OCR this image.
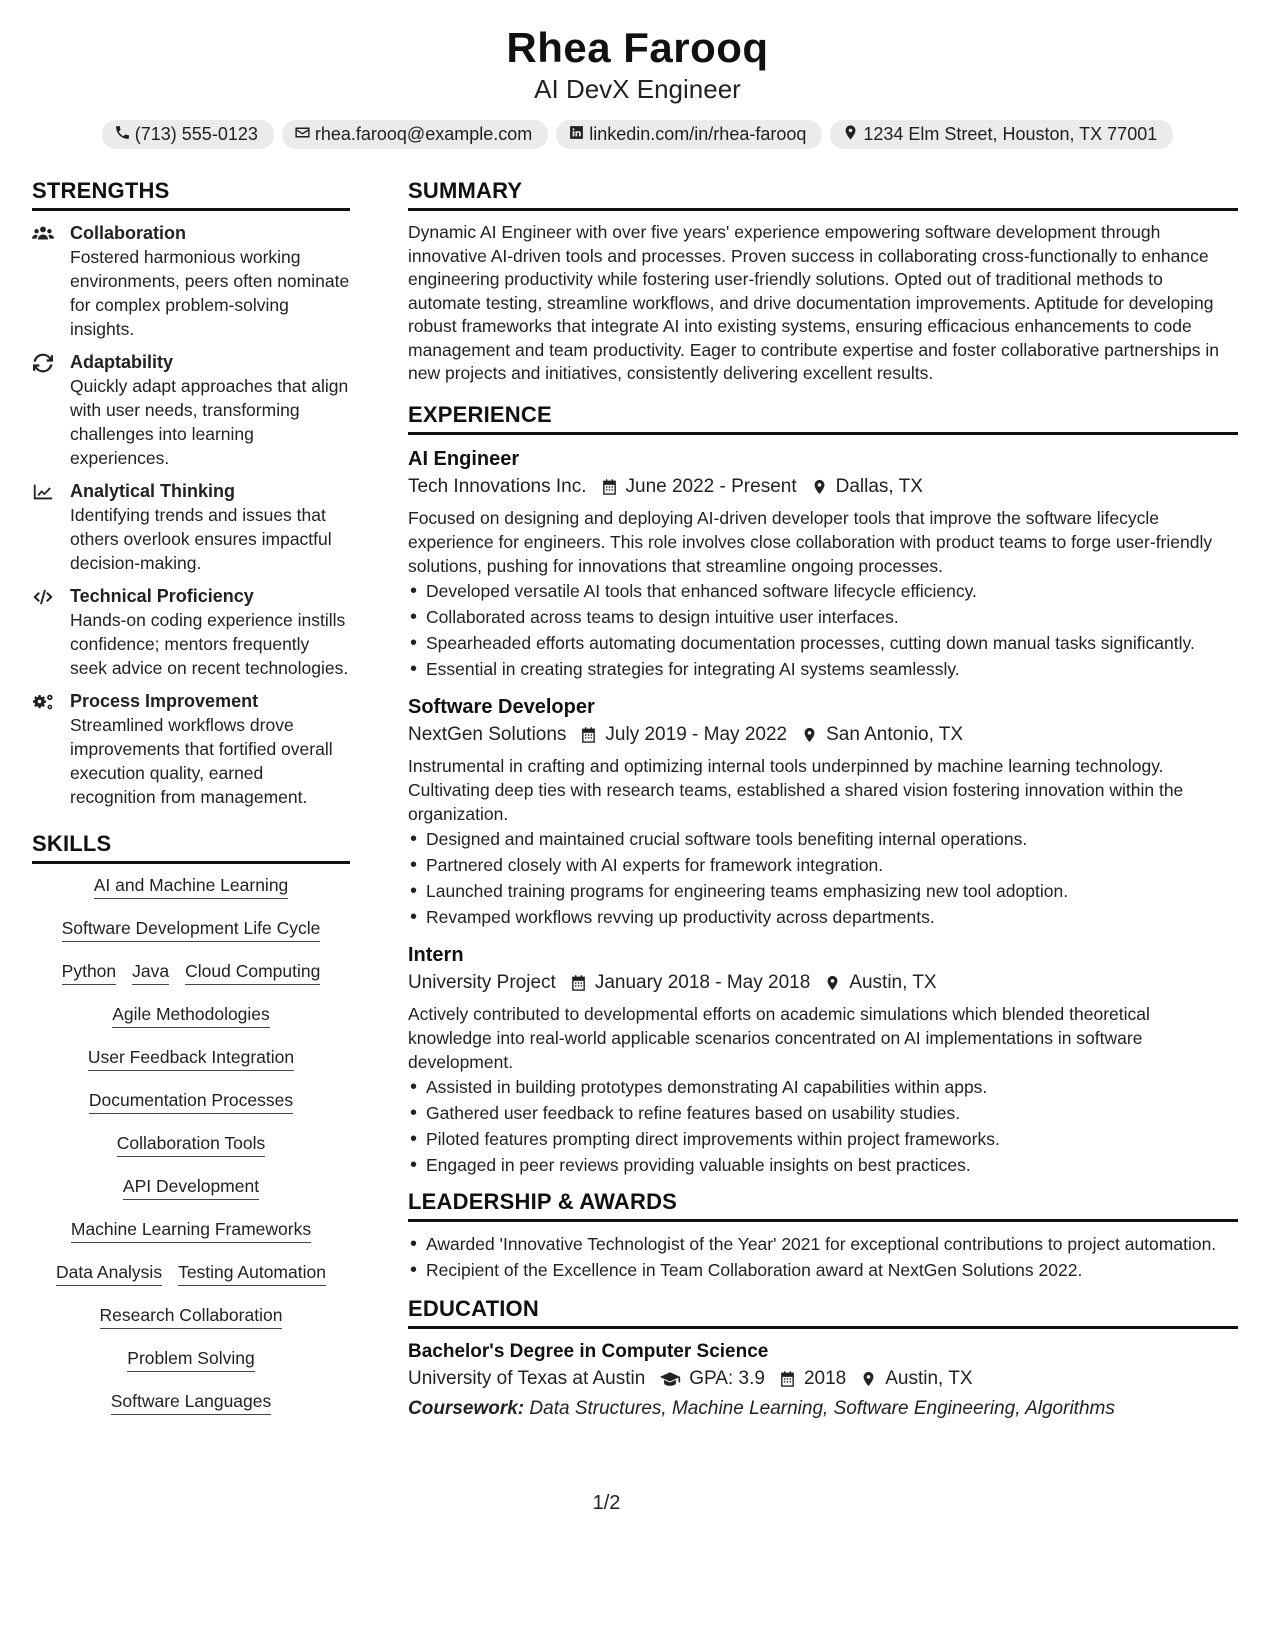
Rhea Farooq
AI DevX Engineer
(713) 555-0123	rhea.farooq@example.com	linkedin.com/in/rhea-farooq	1234 Elm Street, Houston, TX 77001
STRENGTHS
Collaboration
Fostered harmonious working environments, peers often nominate for complex problem-solving insights.
Adaptability
Quickly adapt approaches that align with user needs, transforming challenges into learning experiences.
Analytical Thinking
Identifying trends and issues that others overlook ensures impactful decision-making.
Technical Proficiency
Hands-on coding experience instills confidence; mentors frequently seek advice on recent technologies.
Process Improvement
Streamlined workflows drove improvements that fortified overall execution quality, earned recognition from management.
SKILLS
AI and Machine Learning
Software Development Life Cycle
Python Java Cloud Computing
Agile Methodologies
User Feedback Integration
Documentation Processes
Collaboration Tools
API Development
Machine Learning Frameworks
Data Analysis Testing Automation
Research Collaboration
Problem Solving
Software Languages
SUMMARY
Dynamic AI Engineer with over five years' experience empowering software development through innovative AI-driven tools and processes. Proven success in collaborating cross-functionally to enhance engineering productivity while fostering user-friendly solutions. Opted out of traditional methods to automate testing, streamline workflows, and drive documentation improvements. Aptitude for developing robust frameworks that integrate AI into existing systems, ensuring efficacious enhancements to code management and team productivity. Eager to contribute expertise and foster collaborative partnerships in new projects and initiatives, consistently delivering excellent results.
EXPERIENCE
AI Engineer
Tech Innovations Inc. June 2022 - Present Dallas, TX
Focused on designing and deploying AI-driven developer tools that improve the software lifecycle experience for engineers. This role involves close collaboration with product teams to forge user-friendly solutions, pushing for innovations that streamline ongoing processes.
• Developed versatile AI tools that enhanced software lifecycle efficiency.
• Collaborated across teams to design intuitive user interfaces.
• Spearheaded efforts automating documentation processes, cutting down manual tasks significantly.
• Essential in creating strategies for integrating AI systems seamlessly.
Software Developer
NextGen Solutions July 2019 - May 2022 San Antonio, TX
Instrumental in crafting and optimizing internal tools underpinned by machine learning technology. Cultivating deep ties with research teams, established a shared vision fostering innovation within the organization.
• Designed and maintained crucial software tools benefiting internal operations.
• Partnered closely with AI experts for framework integration.
• Launched training programs for engineering teams emphasizing new tool adoption.
• Revamped workflows revving up productivity across departments.
Intern
University Project January 2018 - May 2018 Austin, TX
Actively contributed to developmental efforts on academic simulations which blended theoretical knowledge into real-world applicable scenarios concentrated on AI implementations in software development.
• Assisted in building prototypes demonstrating AI capabilities within apps.
• Gathered user feedback to refine features based on usability studies.
• Piloted features prompting direct improvements within project frameworks.
• Engaged in peer reviews providing valuable insights on best practices.
LEADERSHIP & AWARDS
• Awarded 'Innovative Technologist of the Year' 2021 for exceptional contributions to project automation.
• Recipient of the Excellence in Team Collaboration award at NextGen Solutions 2022.
EDUCATION
Bachelor's Degree in Computer Science
University of Texas at Austin GPA: 3.9 2018 Austin, TX
Coursework: Data Structures, Machine Learning, Software Engineering, Algorithms
1/2
